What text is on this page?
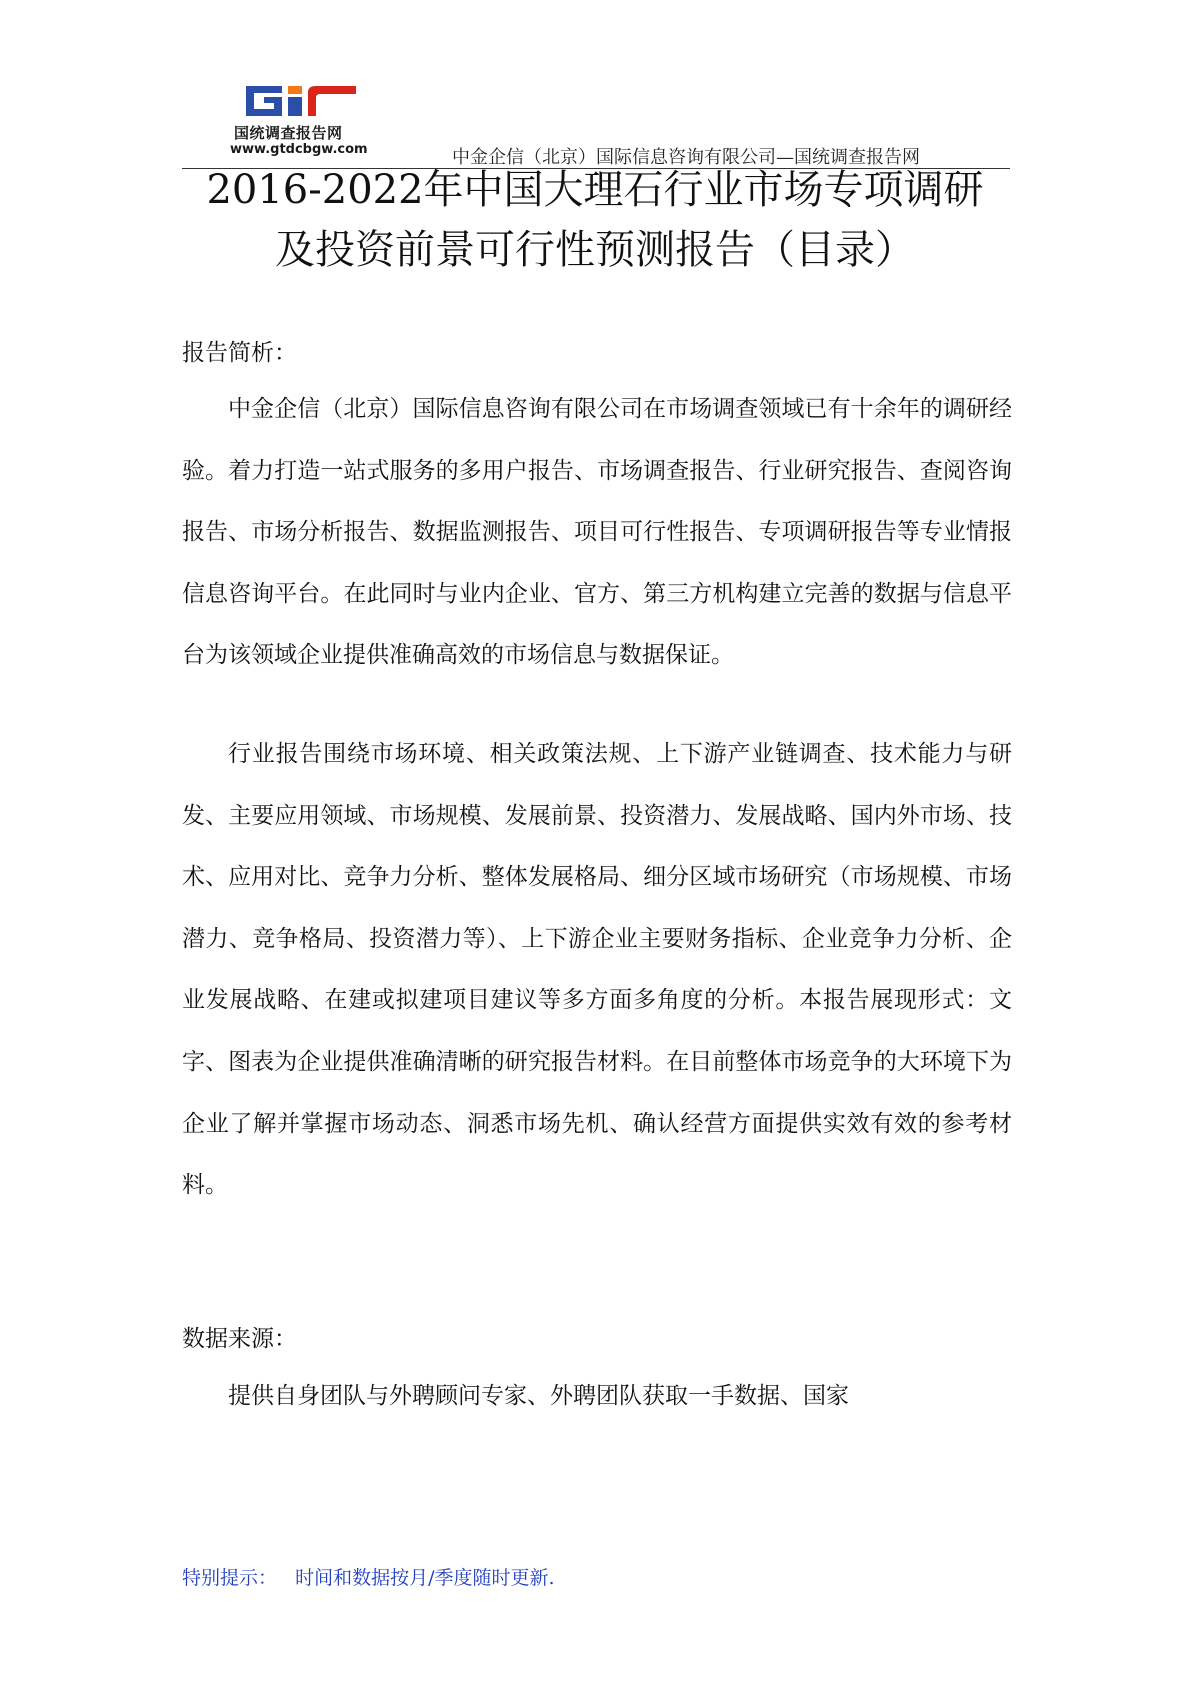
国统调查报告网
www.gtdcbgw.com	中金企信（北京）国际信息咨询有限公司—国统调查报告网
2016-2022年中国大理石行业市场专项调研
及投资前景可行性预测报告（目录）
报告简析：

中金企信（北京）国际信息咨询有限公司在市场调查领域已有十余年的调研经验。着力打造一站式服务的多用户报告、市场调查报告、行业研究报告、查阅咨询报告、市场分析报告、数据监测报告、项目可行性报告、专项调研报告等专业情报信息咨询平台。在此同时与业内企业、官方、第三方机构建立完善的数据与信息平台为该领域企业提供准确高效的市场信息与数据保证。

行业报告围绕市场环境、相关政策法规、上下游产业链调查、技术能力与研发、主要应用领域、市场规模、发展前景、投资潜力、发展战略、国内外市场、技术、应用对比、竞争力分析、整体发展格局、细分区域市场研究（市场规模、市场潜力、竞争格局、投资潜力等）、上下游企业主要财务指标、企业竞争力分析、企业发展战略、在建或拟建项目建议等多方面多角度的分析。本报告展现形式：文字、图表为企业提供准确清晰的研究报告材料。在目前整体市场竞争的大环境下为企业了解并掌握市场动态、洞悉市场先机、确认经营方面提供实效有效的参考材料。

数据来源：

提供自身团队与外聘顾问专家、外聘团队获取一手数据、国家

特别提示：   时间和数据按月/季度随时更新.
